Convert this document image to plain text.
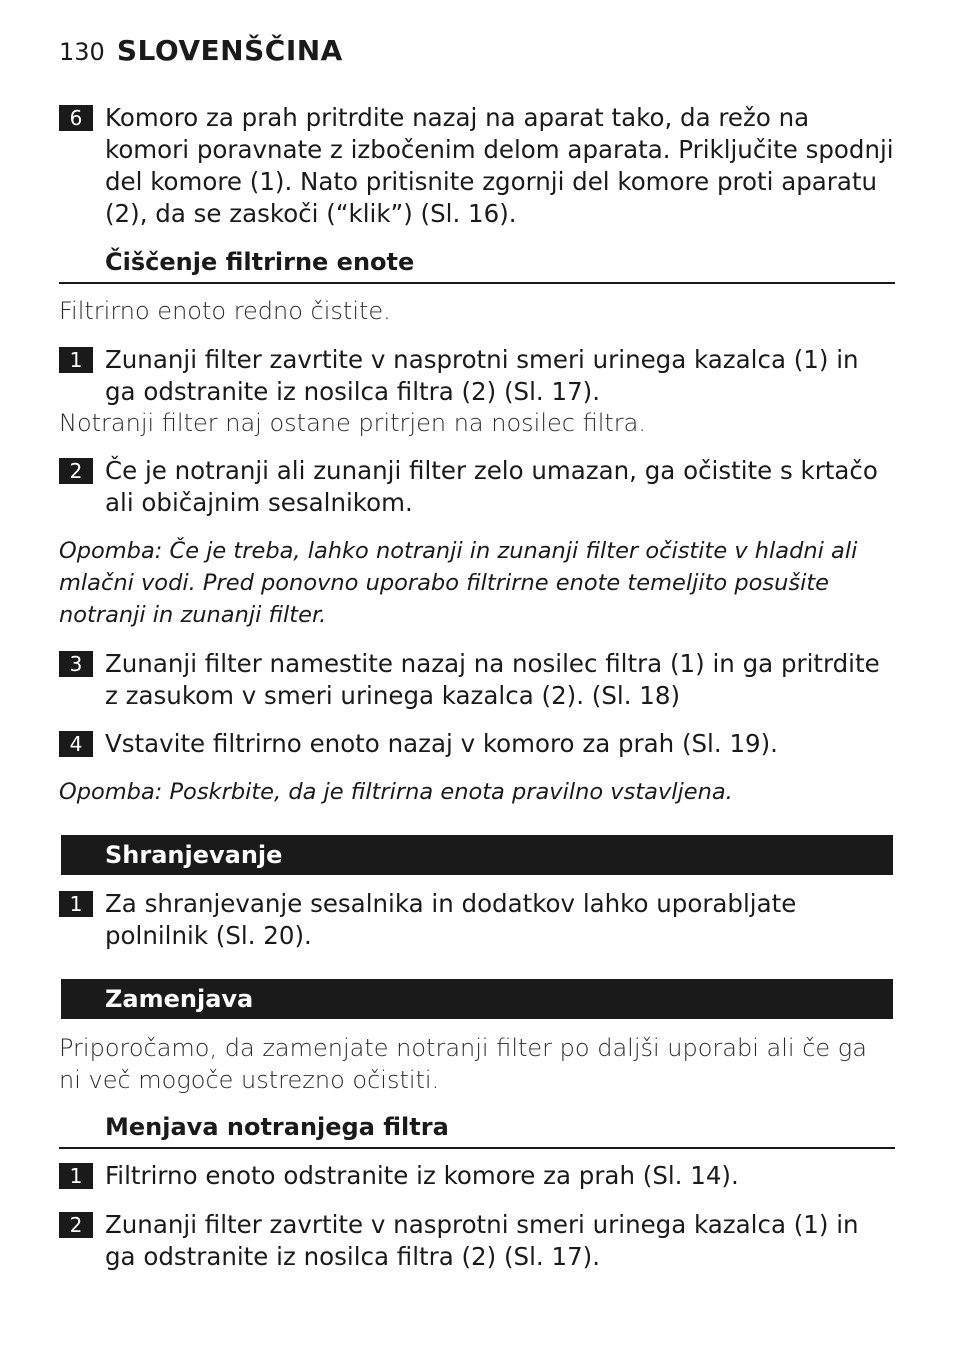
130 SLOVENŠČINA
6 Komoro za prah pritrdite nazaj na aparat tako, da režo na komori poravnate z izbočenim delom aparata. Priključite spodnji del komore (1). Nato pritisnite zgornji del komore proti aparatu (2), da se zaskoči (“klik”) (Sl. 16).
Čiščenje filtrirne enote
Filtrirno enoto redno čistite.
1 Zunanji filter zavrtite v nasprotni smeri urinega kazalca (1) in ga odstranite iz nosilca filtra (2) (Sl. 17).
Notranji filter naj ostane pritrjen na nosilec filtra.
2 Če je notranji ali zunanji filter zelo umazan, ga očistite s krtačo ali običajnim sesalnikom.
Opomba: Če je treba, lahko notranji in zunanji filter očistite v hladni ali mlačni vodi. Pred ponovno uporabo filtrirne enote temeljito posušite notranji in zunanji filter.
3 Zunanji filter namestite nazaj na nosilec filtra (1) in ga pritrdite z zasukom v smeri urinega kazalca (2). (Sl. 18)
4 Vstavite filtrirno enoto nazaj v komoro za prah (Sl. 19).
Opomba: Poskrbite, da je filtrirna enota pravilno vstavljena.
Shranjevanje
1 Za shranjevanje sesalnika in dodatkov lahko uporabljate polnilnik (Sl. 20).
Zamenjava
Priporočamo, da zamenjate notranji filter po daljši uporabi ali če ga ni več mogoče ustrezno očistiti.
Menjava notranjega filtra
1 Filtrirno enoto odstranite iz komore za prah (Sl. 14).
2 Zunanji filter zavrtite v nasprotni smeri urinega kazalca (1) in ga odstranite iz nosilca filtra (2) (Sl. 17).
